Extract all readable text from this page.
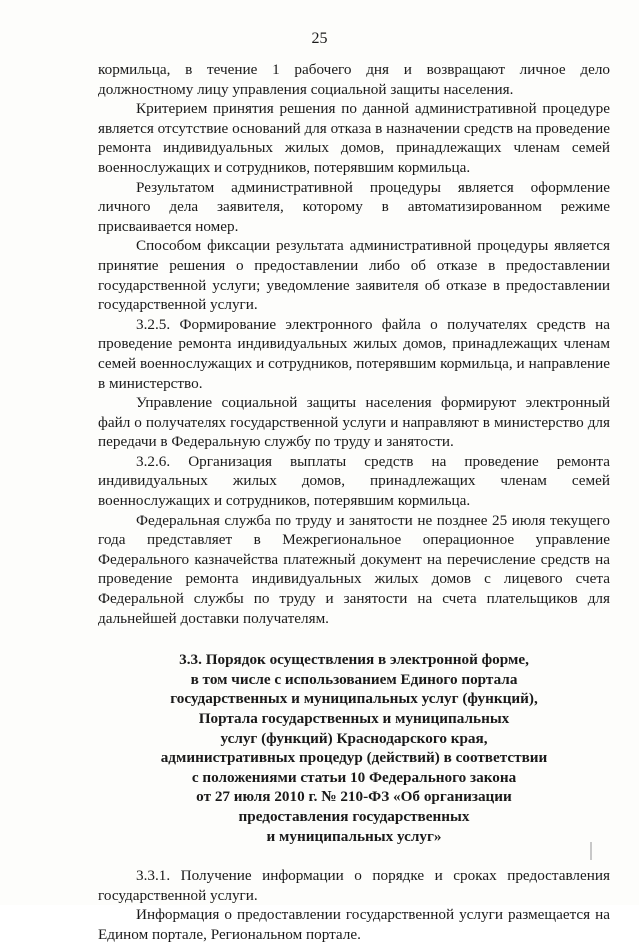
25

кормильца, в течение 1 рабочего дня и возвращают личное дело должностному лицу управления социальной защиты населения.

Критерием принятия решения по данной административной процедуре является отсутствие оснований для отказа в назначении средств на проведение ремонта индивидуальных жилых домов, принадлежащих членам семей военнослужащих и сотрудников, потерявшим кормильца.

Результатом административной процедуры является оформление личного дела заявителя, которому в автоматизированном режиме присваивается номер.

Способом фиксации результата административной процедуры является принятие решения о предоставлении либо об отказе в предоставлении государственной услуги; уведомление заявителя об отказе в предоставлении государственной услуги.

3.2.5. Формирование электронного файла о получателях средств на проведение ремонта индивидуальных жилых домов, принадлежащих членам семей военнослужащих и сотрудников, потерявшим кормильца, и направление в министерство.

Управление социальной защиты населения формируют электронный файл о получателях государственной услуги и направляют в министерство для передачи в Федеральную службу по труду и занятости.

3.2.6. Организация выплаты средств на проведение ремонта индивидуальных жилых домов, принадлежащих членам семей военнослужащих и сотрудников, потерявшим кормильца.

Федеральная служба по труду и занятости не позднее 25 июля текущего года представляет в Межрегиональное операционное управление Федерального казначейства платежный документ на перечисление средств на проведение ремонта индивидуальных жилых домов с лицевого счета Федеральной службы по труду и занятости на счета плательщиков для дальнейшей доставки получателям.

3.3. Порядок осуществления в электронной форме,
в том числе с использованием Единого портала
государственных и муниципальных услуг (функций),
Портала государственных и муниципальных
услуг (функций) Краснодарского края,
административных процедур (действий) в соответствии
с положениями статьи 10 Федерального закона
от 27 июля 2010 г. № 210-ФЗ «Об организации
предоставления государственных
и муниципальных услуг»

3.3.1. Получение информации о порядке и сроках предоставления государственной услуги.

Информация о предоставлении государственной услуги размещается на Едином портале, Региональном портале.
